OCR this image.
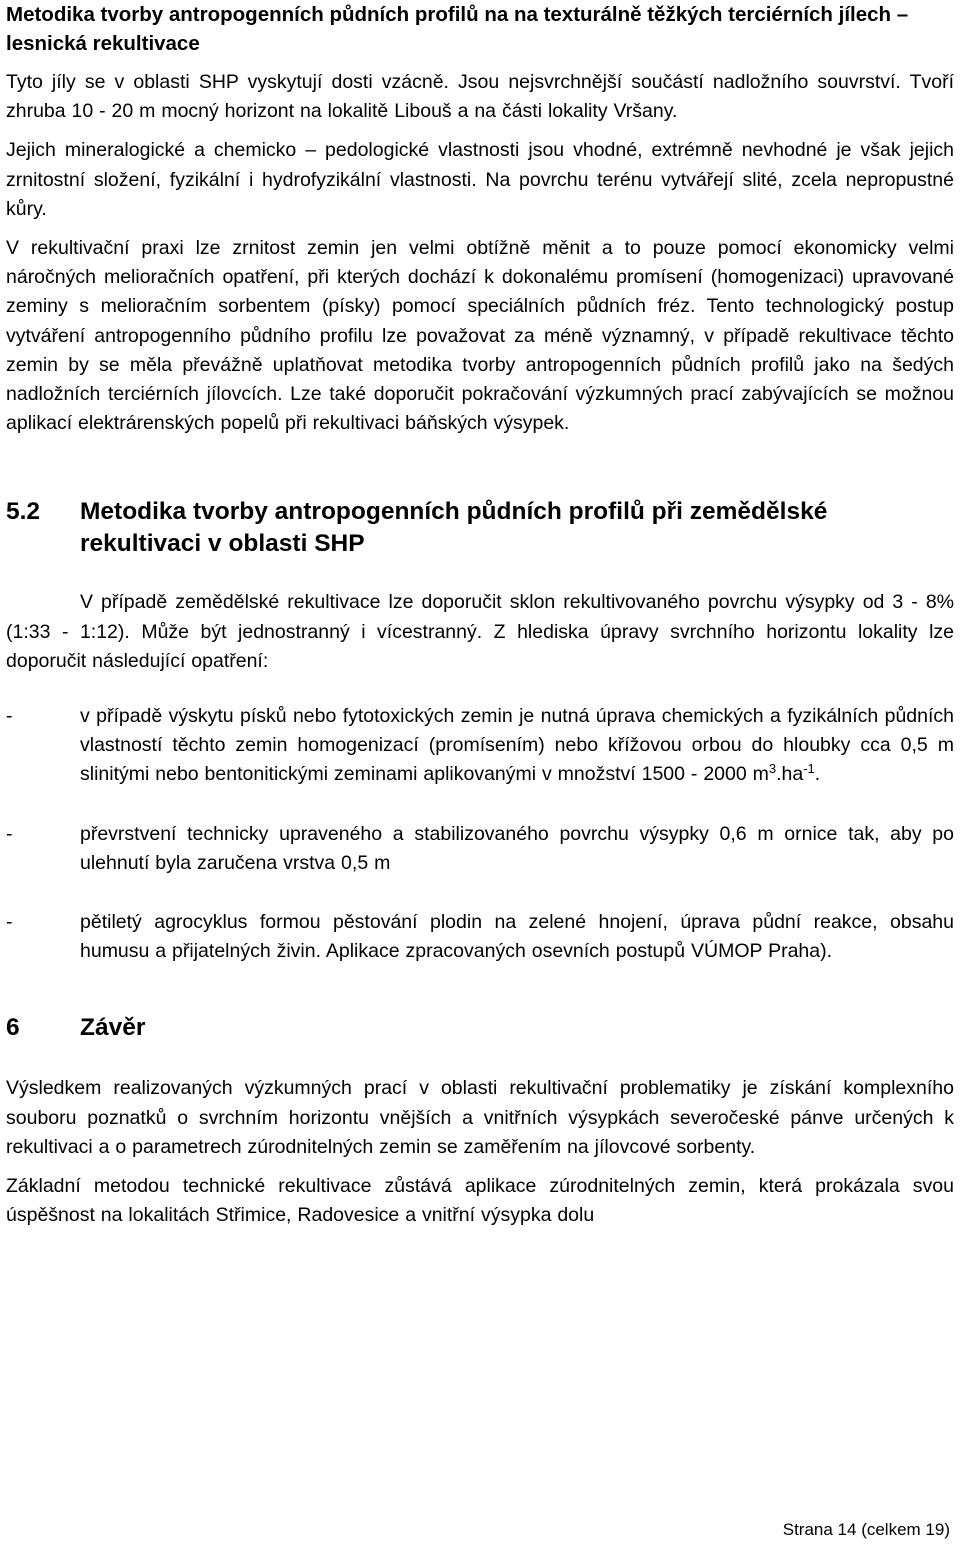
Metodika tvorby antropogenních půdních profilů na na texturálně těžkých terciérních jílech – lesnická rekultivace

Tyto jíly se v oblasti SHP vyskytují dosti vzácně. Jsou nejsvrchnější součástí nadložního souvrství. Tvoří zhruba 10 - 20 m mocný horizont na lokalitě Libouš a na části lokality Vršany.

Jejich mineralogické a chemicko – pedologické vlastnosti jsou vhodné, extrémně nevhodné je však jejich zrnitostní složení, fyzikální i hydrofyzikální vlastnosti. Na povrchu terénu vytvářejí slité, zcela nepropustné kůry.

V rekultivační praxi lze zrnitost zemin jen velmi obtížně měnit a to pouze pomocí ekonomicky velmi náročných melioračních opatření, při kterých dochází k dokonalému promísení (homogenizaci) upravované zeminy s melioračním sorbentem (písky) pomocí speciálních půdních fréz. Tento technologický postup vytváření antropogenního půdního profilu lze považovat za méně významný, v případě rekultivace těchto zemin by se měla převážně uplatňovat metodika tvorby antropogenních půdních profilů jako na šedých nadložních terciérních jílovcích. Lze také doporučit pokračování výzkumných prací zabývajících se možnou aplikací elektrárenských popelů při rekultivaci báňských výsypek.

5.2	Metodika tvorby antropogenních půdních profilů při zemědělské rekultivaci v oblasti SHP

V případě zemědělské rekultivace lze doporučit sklon rekultivovaného povrchu výsypky od 3 - 8% (1:33 - 1:12). Může být jednostranný i vícestranný. Z hlediska úpravy svrchního horizontu lokality lze doporučit následující opatření:

-	v případě výskytu písků nebo fytotoxických zemin je nutná úprava chemických a fyzikálních půdních vlastností těchto zemin homogenizací (promísením) nebo křížovou orbou do hloubky cca 0,5 m slinitými nebo bentonitickými zeminami aplikovanými v množství 1500 - 2000 $m^3.ha^{-1}$.

-	převrstvení technicky upraveného a stabilizovaného povrchu výsypky 0,6 m ornice tak, aby po ulehnutí byla zaručena vrstva 0,5 m

-	pětiletý agrocyklus formou pěstování plodin na zelené hnojení, úprava půdní reakce, obsahu humusu a přijatelných živin. Aplikace zpracovaných osevních postupů VÚMOP Praha).

6	Závěr

Výsledkem realizovaných výzkumných prací v oblasti rekultivační problematiky je získání komplexního souboru poznatků o svrchním horizontu vnějších a vnitřních výsypkách severočeské pánve určených k rekultivaci a o parametrech zúrodnitelných zemin se zaměřením na jílovcové sorbenty.

Základní metodou technické rekultivace zůstává aplikace zúrodnitelných zemin, která prokázala svou úspěšnost na lokalitách Střimice, Radovesice a vnitřní výsypka dolu

Strana 14 (celkem 19)
